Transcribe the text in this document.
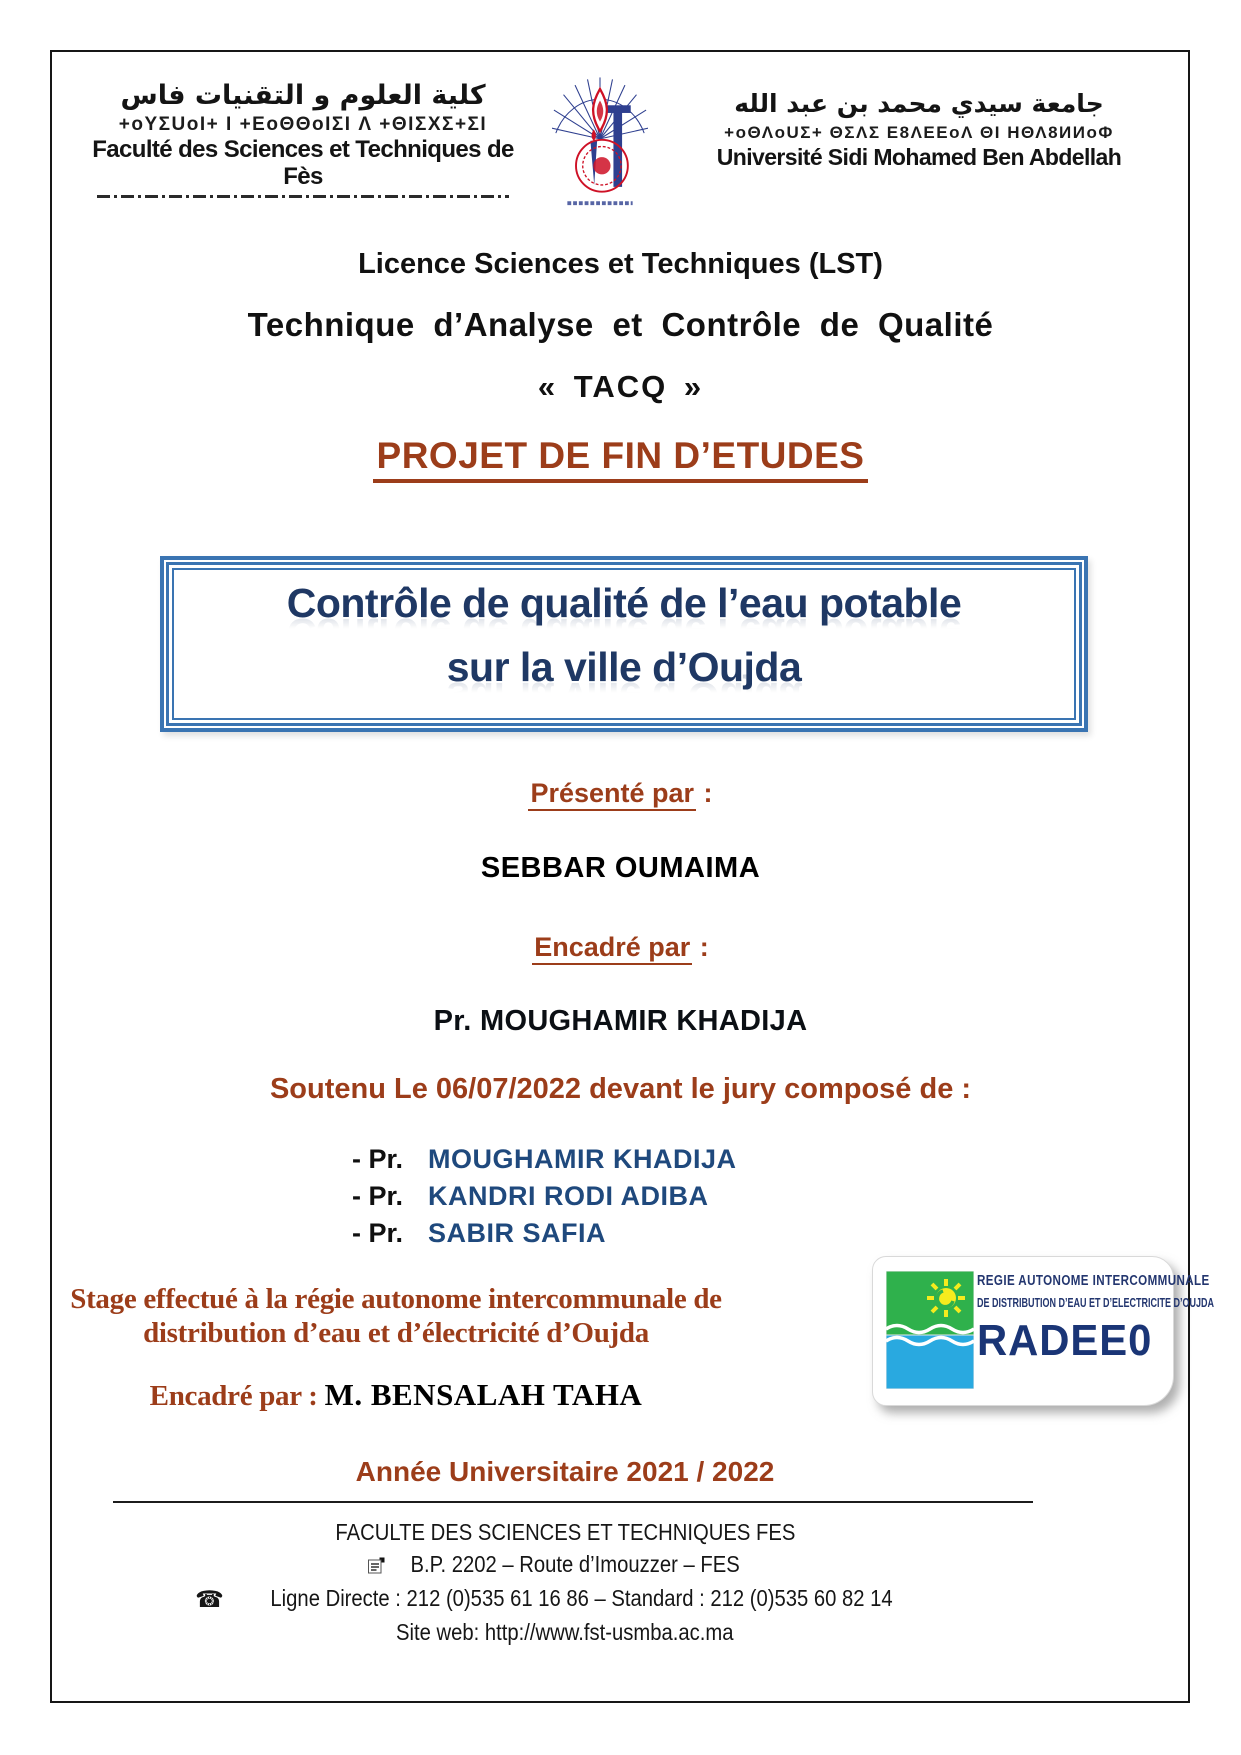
كلية العلوم و التقنيات فاس
+oYΣUoI+ I +ΕoΘΘoIΣI Λ +ΘIΣXΣ+ΣI
Faculté des Sciences et Techniques de Fès
جامعة سيدي محمد بن عبد الله
+oΘΛoUΣ+ ΘΣΛΣ Ε8ΛΕΕoΛ ΘΙ ΗΘΛ8ИИoΦ
Université Sidi Mohamed Ben Abdellah
Licence Sciences et Techniques (LST)
Technique d’Analyse et Contrôle de Qualité
« TACQ »
PROJET DE FIN D’ETUDES
Contrôle de qualité de l’eau potable
sur la ville d’Oujda
Présenté par :
SEBBAR OUMAIMA
Encadré par :
Pr. MOUGHAMIR KHADIJA
Soutenu Le 06/07/2022 devant le jury composé de :
- Pr. MOUGHAMIR KHADIJA
- Pr. KANDRI RODI ADIBA
- Pr. SABIR SAFIA
Stage effectué à la régie autonome intercommunale de
distribution d’eau et d’électricité d’Oujda
Encadré par : M. BENSALAH TAHA
REGIE AUTONOME INTERCOMMUNALE
DE DISTRIBUTION D’EAU ET D’ELECTRICITE D’OUJDA
RADEE0
Année Universitaire 2021 / 2022
FACULTE DES SCIENCES ET TECHNIQUES FES
B.P. 2202 – Route d’Imouzzer – FES
☎ Ligne Directe : 212 (0)535 61 16 86 – Standard : 212 (0)535 60 82 14
Site web: http://www.fst-usmba.ac.ma
